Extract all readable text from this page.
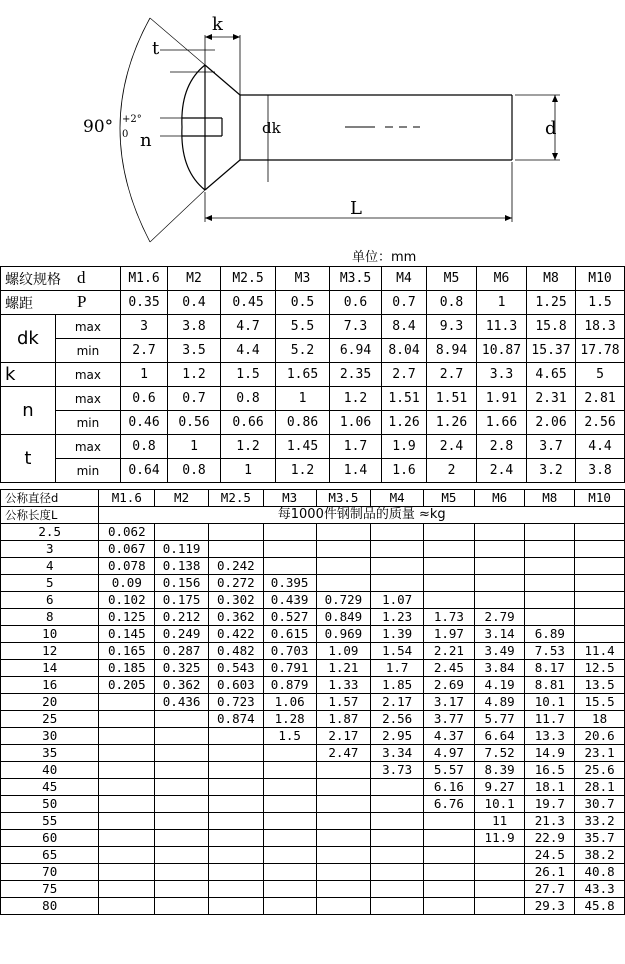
k
t
n
dk	d
L
90° +2°
0
单位：mm
螺纹规格 d		M1.6	M2	M2.5	M3	M3.5	M4	M5	M6	M8	M10
螺距 P		0.35	0.4	0.45	0.5	0.6	0.7	0.8	1	1.25	1.5
dk	max	3	3.8	4.7	5.5	7.3	8.4	9.3	11.3	15.8	18.3
	min	2.7	3.5	4.4	5.2	6.94	8.04	8.94	10.87	15.37	17.78
k	max	1	1.2	1.5	1.65	2.35	2.7	2.7	3.3	4.65	5
n	max	0.6	0.7	0.8	1	1.2	1.51	1.51	1.91	2.31	2.81
	min	0.46	0.56	0.66	0.86	1.06	1.26	1.26	1.66	2.06	2.56
t	max	0.8	1	1.2	1.45	1.7	1.9	2.4	2.8	3.7	4.4
	min	0.64	0.8	1	1.2	1.4	1.6	2	2.4	3.2	3.8
公称直径d	M1.6	M2	M2.5	M3	M3.5	M4	M5	M6	M8	M10
公称长度L	每1000件钢制品的质量 ≈kg									
2.5	0.062									
3	0.067	0.119								
4	0.078	0.138	0.242							
5	0.09	0.156	0.272	0.395						
6	0.102	0.175	0.302	0.439	0.729	1.07				
8	0.125	0.212	0.362	0.527	0.849	1.23	1.73	2.79		
10	0.145	0.249	0.422	0.615	0.969	1.39	1.97	3.14	6.89	
12	0.165	0.287	0.482	0.703	1.09	1.54	2.21	3.49	7.53	11.4
14	0.185	0.325	0.543	0.791	1.21	1.7	2.45	3.84	8.17	12.5
16	0.205	0.362	0.603	0.879	1.33	1.85	2.69	4.19	8.81	13.5
20		0.436	0.723	1.06	1.57	2.17	3.17	4.89	10.1	15.5
25			0.874	1.28	1.87	2.56	3.77	5.77	11.7	18
30				1.5	2.17	2.95	4.37	6.64	13.3	20.6
35					2.47	3.34	4.97	7.52	14.9	23.1
40						3.73	5.57	8.39	16.5	25.6
45							6.16	9.27	18.1	28.1
50							6.76	10.1	19.7	30.7
55								11	21.3	33.2
60								11.9	22.9	35.7
65									24.5	38.2
70									26.1	40.8
75									27.7	43.3
80									29.3	45.8
